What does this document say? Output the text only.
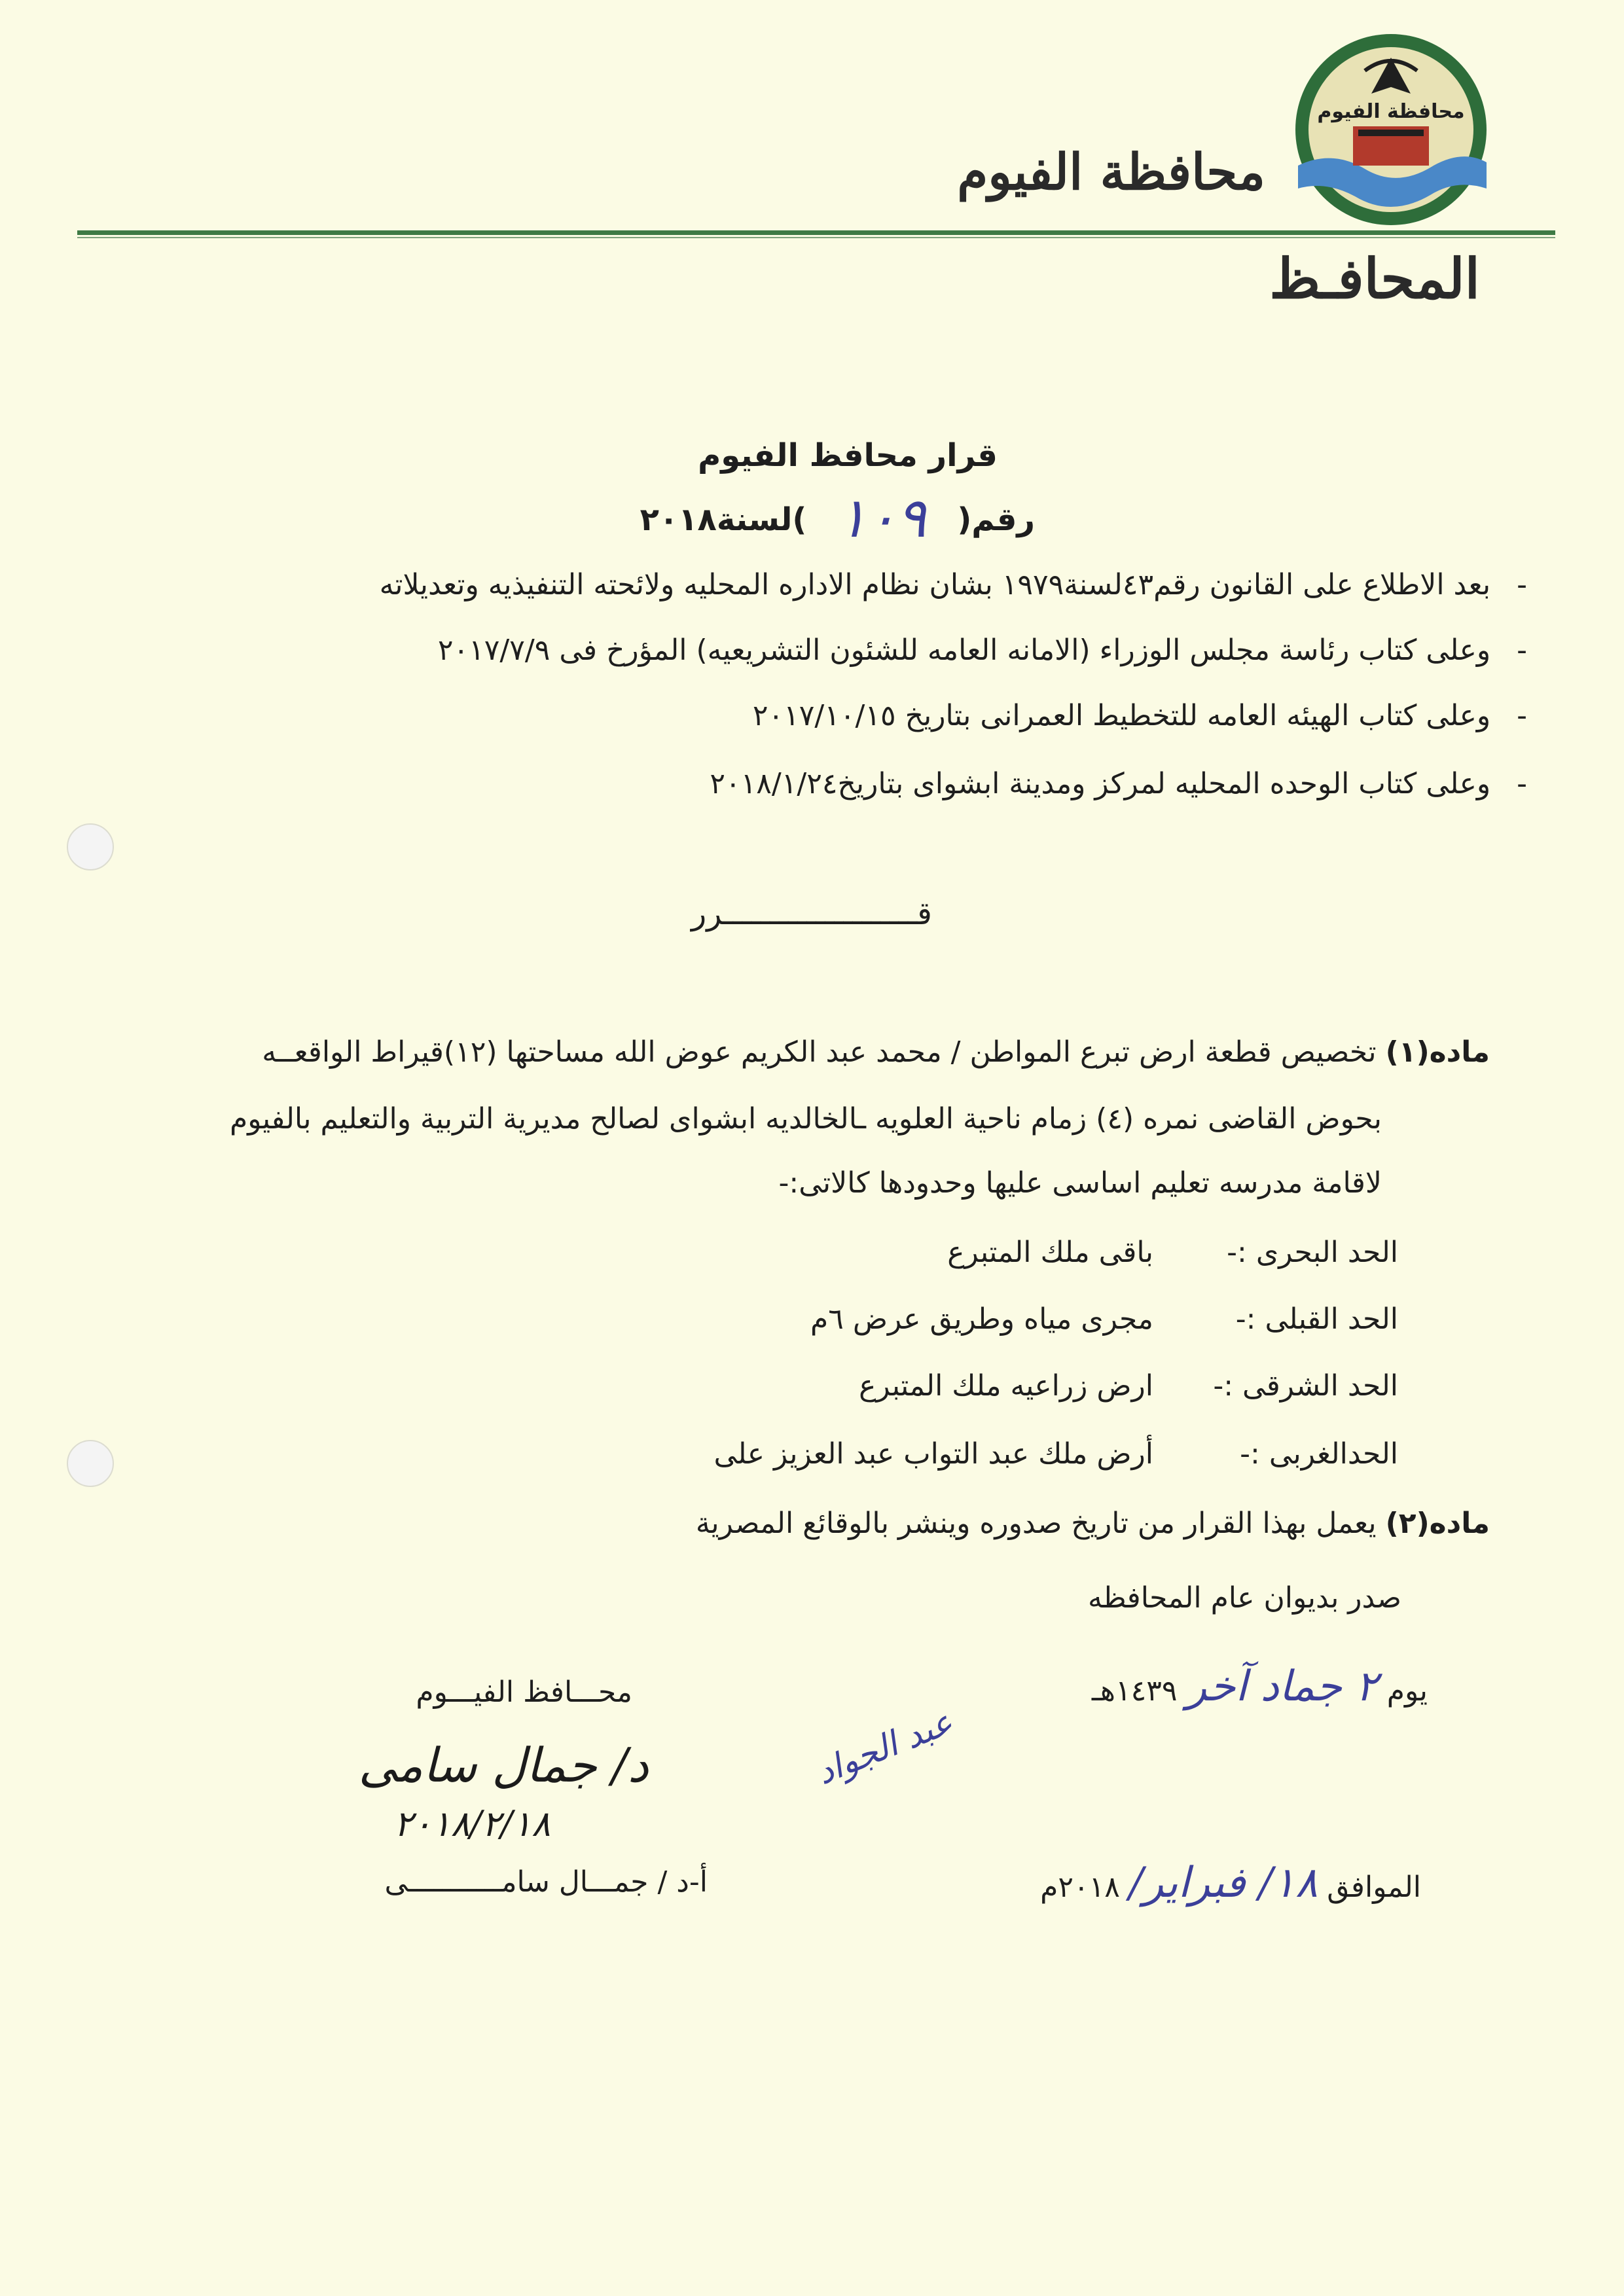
محافظة الفيوم
محافظة الفيوم
المحافـظ
قرار محافظ الفيوم
رقم(١٠٩)لسنة٢٠١٨
-بعد الاطلاع على القانون رقم٤٣لسنة١٩٧٩ بشان نظام الاداره المحليه ولائحته التنفيذيه وتعديلاته
-وعلى كتاب رئاسة مجلس الوزراء (الامانه العامه للشئون التشريعيه) المؤرخ فى ٢٠١٧/٧/٩
-وعلى كتاب الهيئه العامه للتخطيط العمرانى بتاريخ ٢٠١٧/١٠/١٥
-وعلى كتاب الوحده المحليه لمركز ومدينة ابشواى بتاريخ٢٠١٨/١/٢٤
قـــــــــــــــــــــرر
ماده(١) تخصيص قطعة ارض تبرع المواطن / محمد عبد الكريم عوض الله مساحتها (١٢)قيراط الواقعــه
بحوض القاضى نمره (٤) زمام ناحية العلويه ـالخالديه ابشواى لصالح مديرية التربية والتعليم بالفيوم
لاقامة مدرسه تعليم اساسى عليها وحدودها كالاتى:-
الحد البحرى :- باقى ملك المتبرع
الحد القبلى :- مجرى مياه وطريق عرض ٦م
الحد الشرقى :- ارض زراعيه ملك المتبرع
الحدالغربى :- أرض ملك عبد التواب عبد العزيز على
ماده(٢) يعمل بهذا القرار من تاريخ صدوره وينشر بالوقائع المصرية
صدر بديوان عام المحافظه
يوم ٢ جماد آخر ١٤٣٩هـ
الموافق ١٨/ فبراير/ ٢٠١٨م
محـــافظ الفيـــوم
د/ جمال سامى
٢٠١٨/٢/١٨
عبد الجواد
أ-د / جمـــال سامـــــــــــى
